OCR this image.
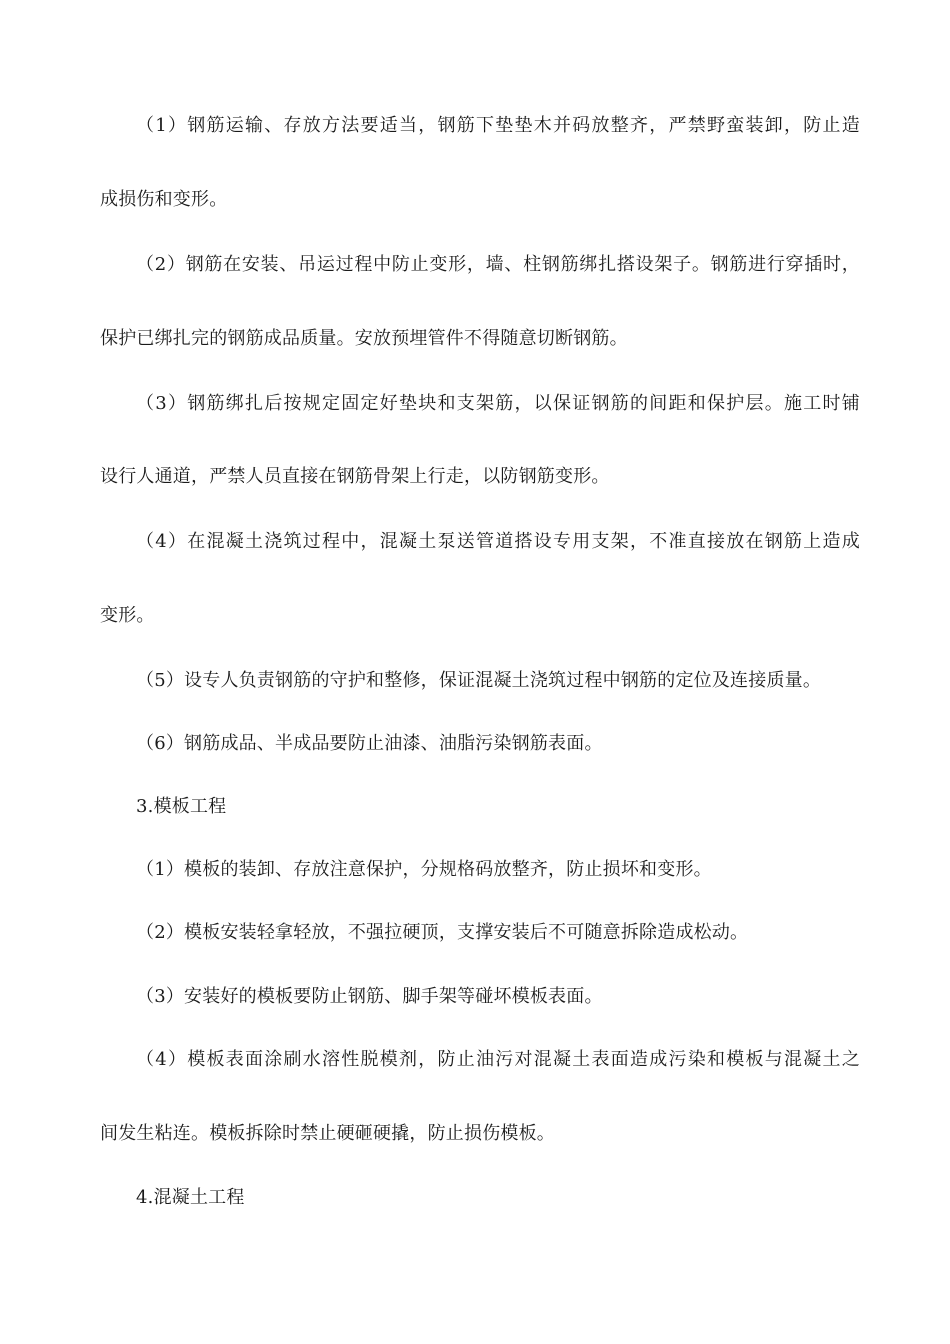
（1）钢筋运输、存放方法要适当，钢筋下垫垫木并码放整齐，严禁野蛮装卸，防止造
成损伤和变形。
（2）钢筋在安装、吊运过程中防止变形，墙、柱钢筋绑扎搭设架子。钢筋进行穿插时，
保护已绑扎完的钢筋成品质量。安放预埋管件不得随意切断钢筋。
（3）钢筋绑扎后按规定固定好垫块和支架筋，以保证钢筋的间距和保护层。施工时铺
设行人通道，严禁人员直接在钢筋骨架上行走，以防钢筋变形。
（4）在混凝土浇筑过程中，混凝土泵送管道搭设专用支架，不准直接放在钢筋上造成
变形。
（5）设专人负责钢筋的守护和整修，保证混凝土浇筑过程中钢筋的定位及连接质量。
（6）钢筋成品、半成品要防止油漆、油脂污染钢筋表面。
3.模板工程
（1）模板的装卸、存放注意保护，分规格码放整齐，防止损坏和变形。
（2）模板安装轻拿轻放，不强拉硬顶，支撑安装后不可随意拆除造成松动。
（3）安装好的模板要防止钢筋、脚手架等碰坏模板表面。
（4）模板表面涂刷水溶性脱模剂，防止油污对混凝土表面造成污染和模板与混凝土之
间发生粘连。模板拆除时禁止硬砸硬撬，防止损伤模板。
4.混凝土工程
